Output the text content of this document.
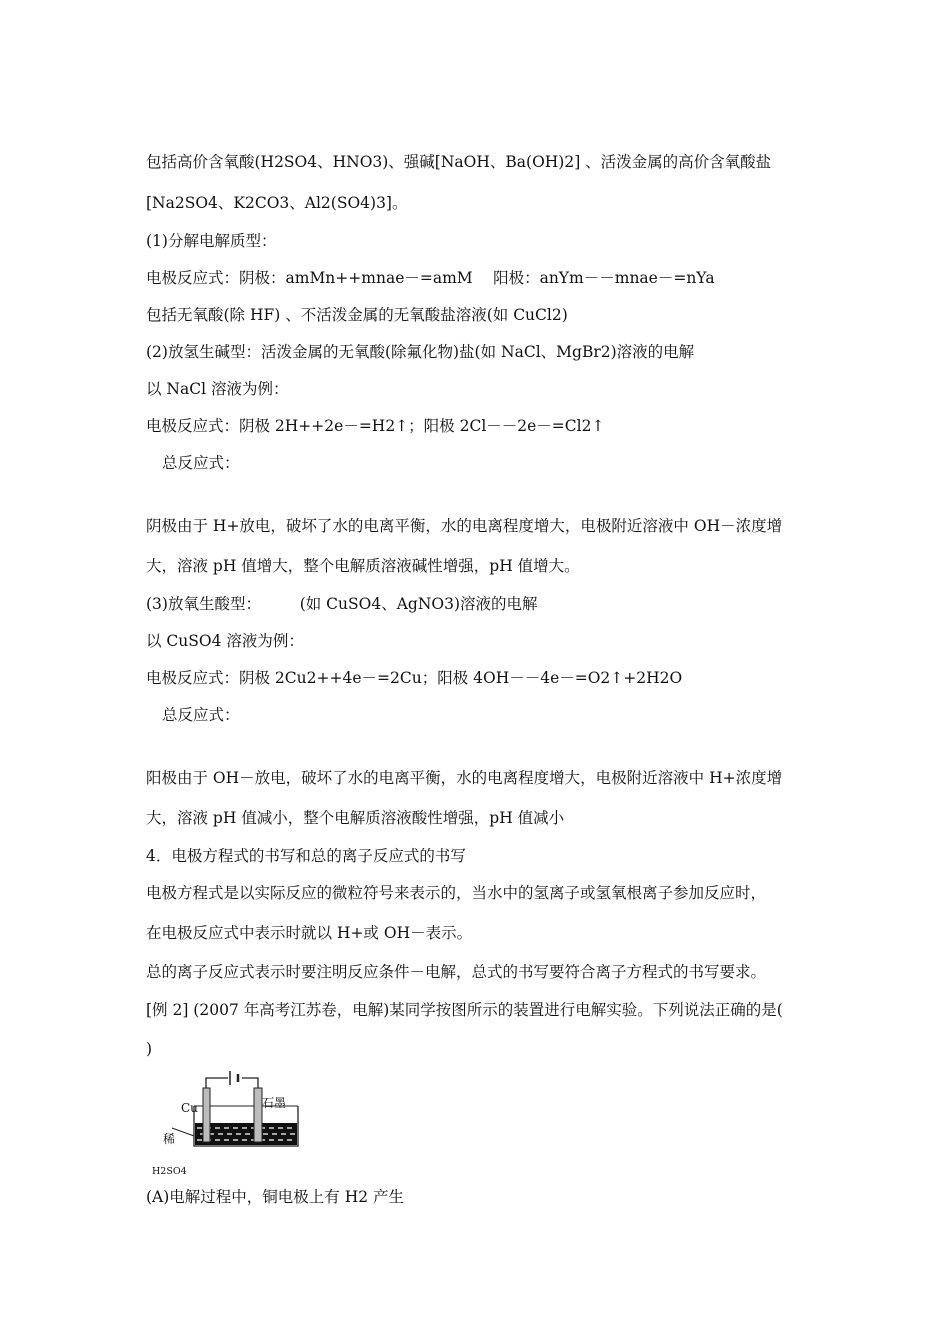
包括高价含氧酸(H2SO4、HNO3)、强碱[NaOH、Ba(OH)2] 、活泼金属的高价含氧酸盐
[Na2SO4、K2CO3、Al2(SO4)3]。
(1)分解电解质型：
电极反应式：阴极：amMn++mnae－=amM　 阳极：anYm－－mnae－=nYa
包括无氧酸(除 HF) 、不活泼金属的无氧酸盐溶液(如 CuCl2)
(2)放氢生碱型：活泼金属的无氧酸(除氟化物)盐(如 NaCl、MgBr2)溶液的电解
以 NaCl 溶液为例：
电极反应式：阴极 2H++2e－=H2↑；阳极 2Cl－－2e－=Cl2↑
总反应式：
阴极由于 H+放电，破坏了水的电离平衡，水的电离程度增大，电极附近溶液中 OH－浓度增
大，溶液 pH 值增大，整个电解质溶液碱性增强，pH 值增大。
(3)放氧生酸型：　　　(如 CuSO4、AgNO3)溶液的电解
以 CuSO4 溶液为例：
电极反应式：阴极 2Cu2++4e－=2Cu；阳极 4OH－－4e－=O2↑+2H2O
总反应式：
阳极由于 OH－放电，破坏了水的电离平衡，水的电离程度增大，电极附近溶液中 H+浓度增
大，溶液 pH 值减小，整个电解质溶液酸性增强，pH 值减小
4．电极方程式的书写和总的离子反应式的书写
电极方程式是以实际反应的微粒符号来表示的，当水中的氢离子或氢氧根离子参加反应时，
在电极反应式中表示时就以 H+或 OH－表示。
总的离子反应式表示时要注明反应条件－电解，总式的书写要符合离子方程式的书写要求。
[例 2] (2007 年高考江苏卷，电解)某同学按图所示的装置进行电解实验。下列说法正确的是(
)
Cu	石墨
稀
H2SO4
(A)电解过程中，铜电极上有 H2 产生
